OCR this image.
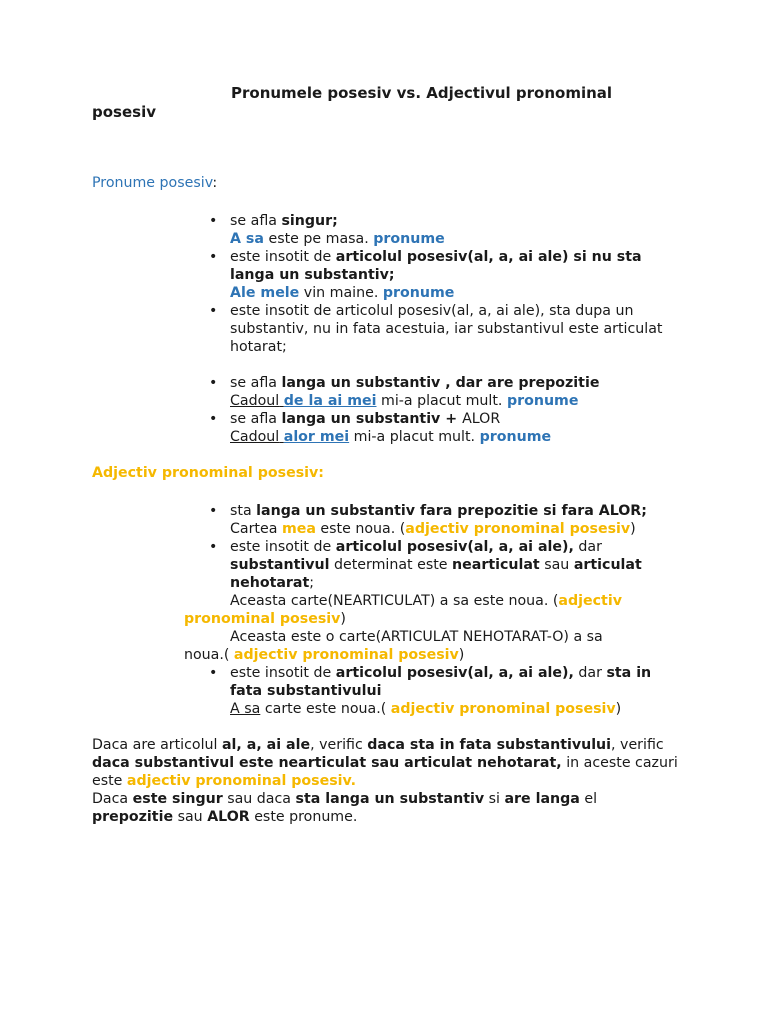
Pronumele posesiv vs. Adjectivul pronominal
posesiv
Pronume posesiv:
• se afla singur;
A sa este pe masa. pronume
• este insotit de articolul posesiv(al, a, ai ale) si nu sta langa un substantiv;
Ale mele vin maine. pronume
• este insotit de articolul posesiv(al, a, ai ale), sta dupa un substantiv, nu in fata acestuia, iar substantivul este articulat hotarat;
• se afla langa un substantiv , dar are prepozitie
Cadoul de la ai mei mi-a placut mult. pronume
• se afla langa un substantiv + ALOR
Cadoul alor mei mi-a placut mult. pronume
Adjectiv pronominal posesiv:
• sta langa un substantiv fara prepozitie si fara ALOR;
Cartea mea este noua. (adjectiv pronominal posesiv)
• este insotit de articolul posesiv(al, a, ai ale), dar substantivul determinat este nearticulat sau articulat nehotarat;
Aceasta carte(NEARTICULAT) a sa este noua. (adjectiv
pronominal posesiv)
Aceasta este o carte(ARTICULAT NEHOTARAT-O) a sa
noua.( adjectiv pronominal posesiv)
• este insotit de articolul posesiv(al, a, ai ale), dar sta in fata substantivului
A sa carte este noua.( adjectiv pronominal posesiv)
Daca are articolul al, a, ai ale, verific daca sta in fata substantivului, verific daca substantivul este nearticulat sau articulat nehotarat, in aceste cazuri este adjectiv pronominal posesiv.
Daca este singur sau daca sta langa un substantiv si are langa el prepozitie sau ALOR este pronume.
